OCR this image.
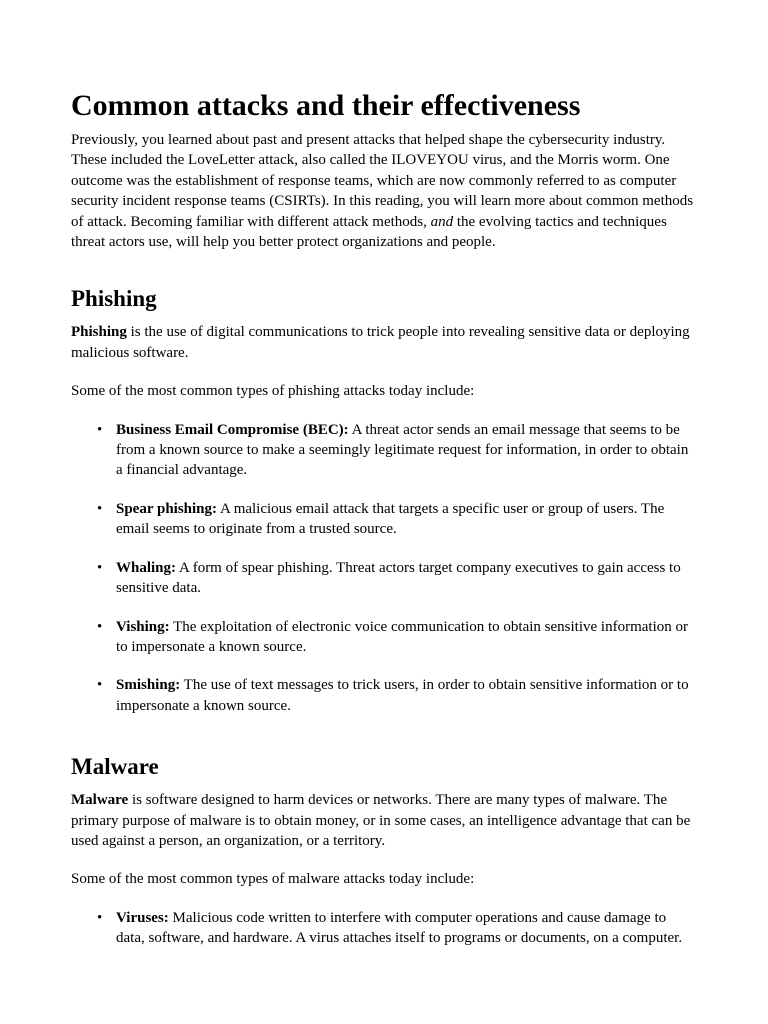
Common attacks and their effectiveness

Previously, you learned about past and present attacks that helped shape the cybersecurity industry. These included the LoveLetter attack, also called the ILOVEYOU virus, and the Morris worm. One outcome was the establishment of response teams, which are now commonly referred to as computer security incident response teams (CSIRTs). In this reading, you will learn more about common methods of attack. Becoming familiar with different attack methods, and the evolving tactics and techniques threat actors use, will help you better protect organizations and people.

Phishing

Phishing is the use of digital communications to trick people into revealing sensitive data or deploying malicious software.

Some of the most common types of phishing attacks today include:

• Business Email Compromise (BEC): A threat actor sends an email message that seems to be from a known source to make a seemingly legitimate request for information, in order to obtain a financial advantage.
• Spear phishing: A malicious email attack that targets a specific user or group of users. The email seems to originate from a trusted source.
• Whaling: A form of spear phishing. Threat actors target company executives to gain access to sensitive data.
• Vishing: The exploitation of electronic voice communication to obtain sensitive information or to impersonate a known source.
• Smishing: The use of text messages to trick users, in order to obtain sensitive information or to impersonate a known source.
Malware

Malware is software designed to harm devices or networks. There are many types of malware. The primary purpose of malware is to obtain money, or in some cases, an intelligence advantage that can be used against a person, an organization, or a territory.

Some of the most common types of malware attacks today include:

• Viruses: Malicious code written to interfere with computer operations and cause damage to data, software, and hardware. A virus attaches itself to programs or documents, on a computer.
